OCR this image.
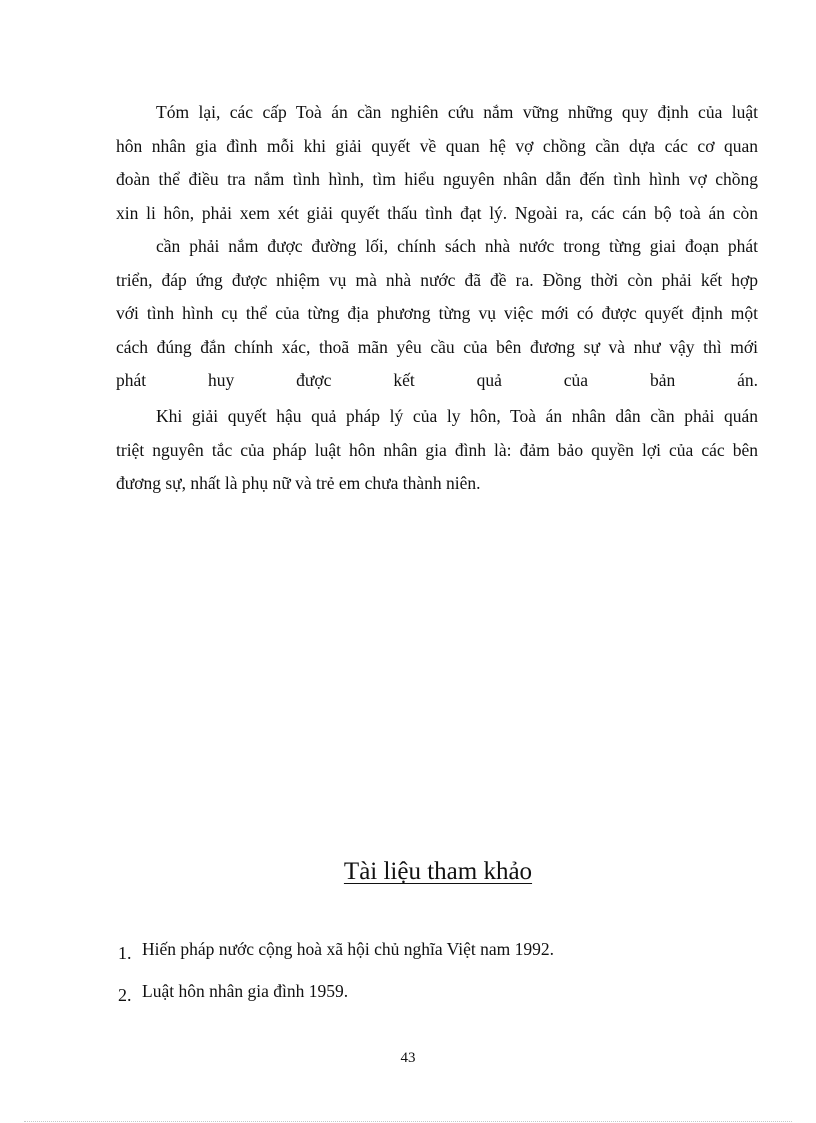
Tóm lại, các cấp Toà án cần nghiên cứu nắm vững những quy định của luật
hôn nhân gia đình mỗi khi giải quyết về quan hệ vợ chồng cần dựa các cơ quan
đoàn thể điều tra nắm tình hình, tìm hiểu nguyên nhân dẫn đến tình hình vợ chồng
xin li hôn, phải xem xét giải quyết thấu tình đạt lý. Ngoài ra, các cán bộ toà án còn
cần phải nắm được đường lối, chính sách nhà nước trong từng giai đoạn phát
triển, đáp ứng được nhiệm vụ mà nhà nước đã đề ra. Đồng thời còn phải kết hợp
với tình hình cụ thể của từng địa phương từng vụ việc mới có được quyết định một
cách đúng đắn chính xác, thoã mãn yêu cầu của bên đương sự và như vậy thì mới
phát huy được kết quả của bản án.
Khi giải quyết hậu quả pháp lý của ly hôn, Toà án nhân dân cần phải quán
triệt nguyên tắc của pháp luật hôn nhân gia đình là: đảm bảo quyền lợi của các bên
đương sự, nhất là phụ nữ và trẻ em chưa thành niên.
Tài liệu tham khảo
1. Hiến pháp nước cộng hoà xã hội chủ nghĩa Việt nam 1992.
2. Luật hôn nhân gia đình 1959.
43
